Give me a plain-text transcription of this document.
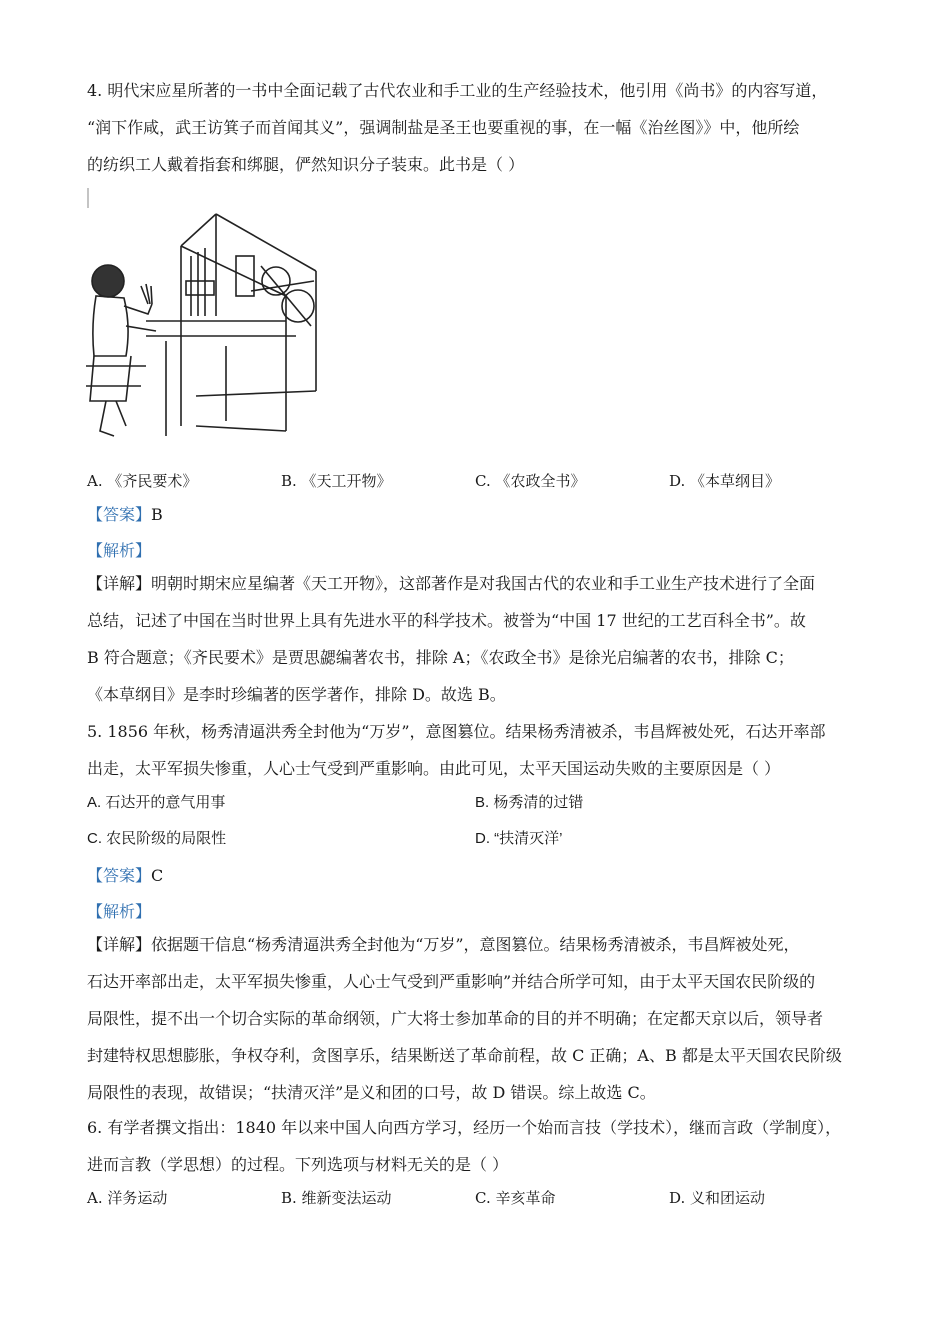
4. 明代宋应星所著的一书中全面记载了古代农业和手工业的生产经验技术，他引用《尚书》的内容写道，
“润下作咸，武王访箕子而首闻其义”，强调制盐是圣王也要重视的事，在一幅《治丝图》》中，他所绘
的纺织工人戴着指套和绑腿，俨然知识分子装束。此书是（ ）
A. 《齐民要术》	B. 《天工开物》	C. 《农政全书》	D. 《本草纲目》
【答案】B
【解析】
【详解】明朝时期宋应星编著《天工开物》，这部著作是对我国古代的农业和手工业生产技术进行了全面
总结，记述了中国在当时世界上具有先进水平的科学技术。被誉为“中国 17 世纪的工艺百科全书”。故
B 符合题意；《齐民要术》是贾思勰编著农书，排除 A；《农政全书》是徐光启编著的农书，排除 C；
《本草纲目》是李时珍编著的医学著作，排除 D。故选 B。
5. 1856 年秋，杨秀清逼洪秀全封他为“万岁”，意图篡位。结果杨秀清被杀，韦昌辉被处死，石达开率部
出走，太平军损失惨重，人心士气受到严重影响。由此可见，太平天国运动失败的主要原因是（ ）
A. 石达开的意气用事	B. 杨秀清的过错
C. 农民阶级的局限性	D. “扶清灭洋’
【答案】C
【解析】
【详解】依据题干信息“杨秀清逼洪秀全封他为“万岁”，意图篡位。结果杨秀清被杀，韦昌辉被处死，
石达开率部出走，太平军损失惨重，人心士气受到严重影响”并结合所学可知，由于太平天国农民阶级的
局限性，提不出一个切合实际的革命纲领，广大将士参加革命的目的并不明确；在定都天京以后，领导者
封建特权思想膨胀，争权夺利，贪图享乐，结果断送了革命前程，故 C 正确；A、B 都是太平天国农民阶级
局限性的表现，故错误；“扶清灭洋”是义和团的口号，故 D 错误。综上故选 C。
6. 有学者撰文指出：1840 年以来中国人向西方学习，经历一个始而言技（学技术），继而言政（学制度），
进而言教（学思想）的过程。下列选项与材料无关的是（ ）
A. 洋务运动	B. 维新变法运动	C. 辛亥革命	D. 义和团运动
